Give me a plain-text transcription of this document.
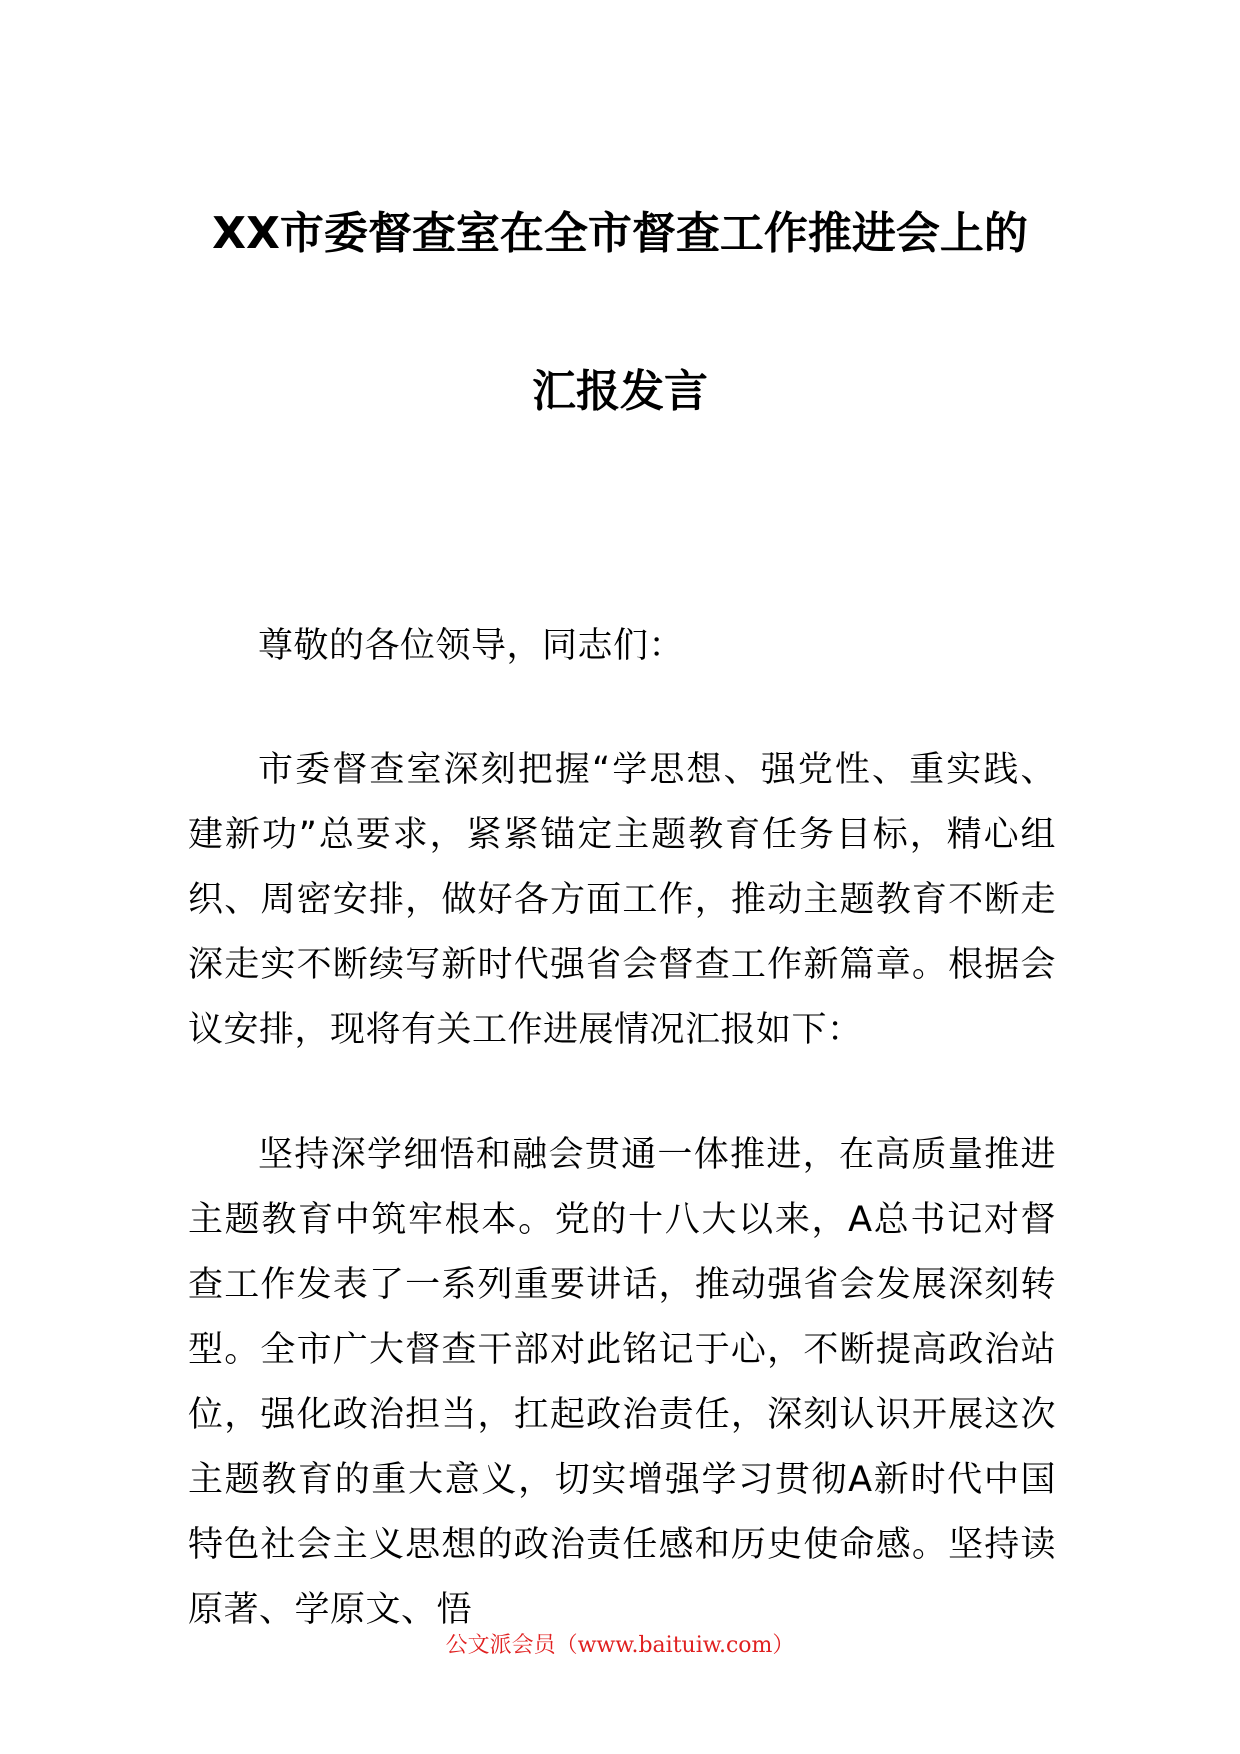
XX市委督查室在全市督查工作推进会上的
汇报发言

尊敬的各位领导，同志们：

市委督查室深刻把握“学思想、强党性、重实践、建新功”总要求，紧紧锚定主题教育任务目标，精心组织、周密安排，做好各方面工作，推动主题教育不断走深走实不断续写新时代强省会督查工作新篇章。根据会议安排，现将有关工作进展情况汇报如下：

坚持深学细悟和融会贯通一体推进，在高质量推进主题教育中筑牢根本。党的十八大以来，A总书记对督查工作发表了一系列重要讲话，推动强省会发展深刻转型。全市广大督查干部对此铭记于心，不断提高政治站位，强化政治担当，扛起政治责任，深刻认识开展这次主题教育的重大意义，切实增强学习贯彻A新时代中国特色社会主义思想的政治责任感和历史使命感。坚持读原著、学原文、悟

公文派会员（www.baituiw.com）
